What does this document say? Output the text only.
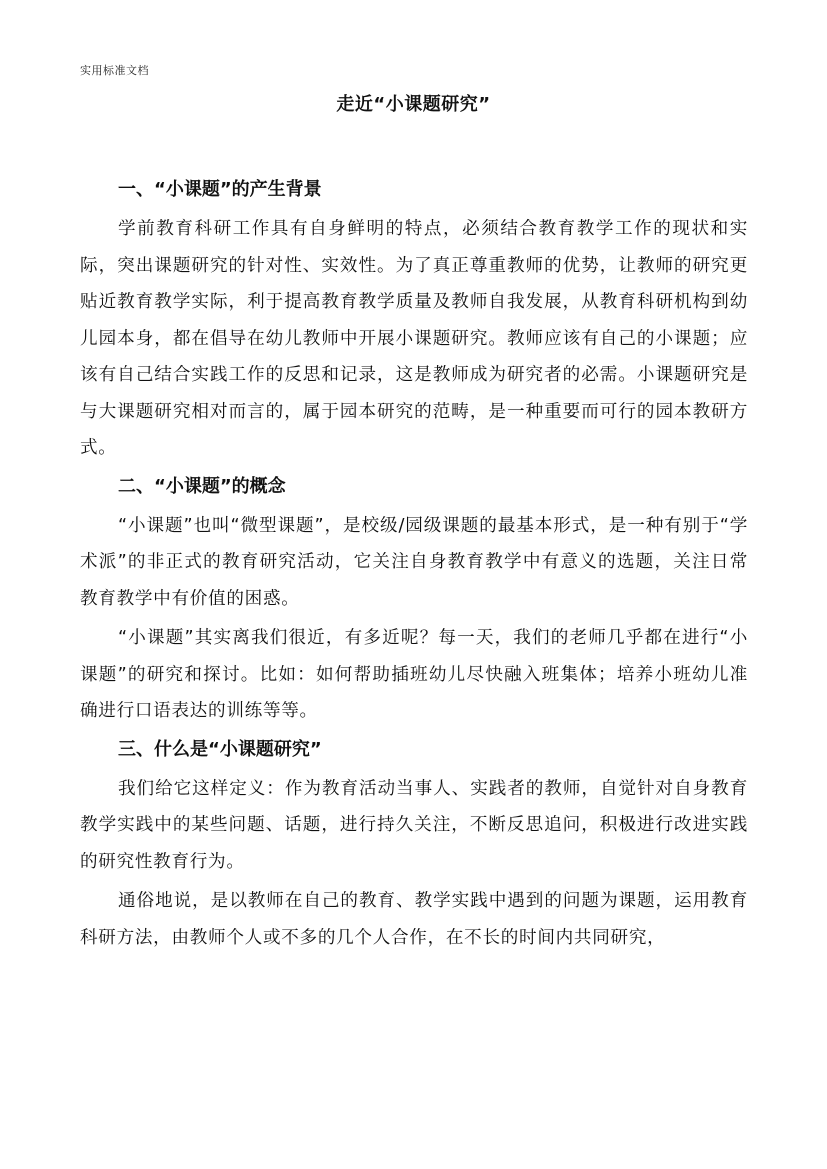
实用标准文档
走近“小课题研究”

一、“小课题”的产生背景

学前教育科研工作具有自身鲜明的特点，必须结合教育教学工作的现状和实际，突出课题研究的针对性、实效性。为了真正尊重教师的优势，让教师的研究更贴近教育教学实际，利于提高教育教学质量及教师自我发展，从教育科研机构到幼儿园本身，都在倡导在幼儿教师中开展小课题研究。教师应该有自己的小课题；应该有自己结合实践工作的反思和记录，这是教师成为研究者的必需。小课题研究是与大课题研究相对而言的，属于园本研究的范畴，是一种重要而可行的园本教研方式。

二、“小课题”的概念

“小课题”也叫“微型课题”，是校级/园级课题的最基本形式，是一种有别于“学术派”的非正式的教育研究活动，它关注自身教育教学中有意义的选题，关注日常教育教学中有价值的困惑。

“小课题”其实离我们很近，有多近呢？每一天，我们的老师几乎都在进行“小课题”的研究和探讨。比如：如何帮助插班幼儿尽快融入班集体；培养小班幼儿准确进行口语表达的训练等等。

三、什么是“小课题研究”

我们给它这样定义：作为教育活动当事人、实践者的教师，自觉针对自身教育教学实践中的某些问题、话题，进行持久关注，不断反思追问，积极进行改进实践的研究性教育行为。

通俗地说，是以教师在自己的教育、教学实践中遇到的问题为课题，运用教育科研方法，由教师个人或不多的几个人合作，在不长的时间内共同研究，
